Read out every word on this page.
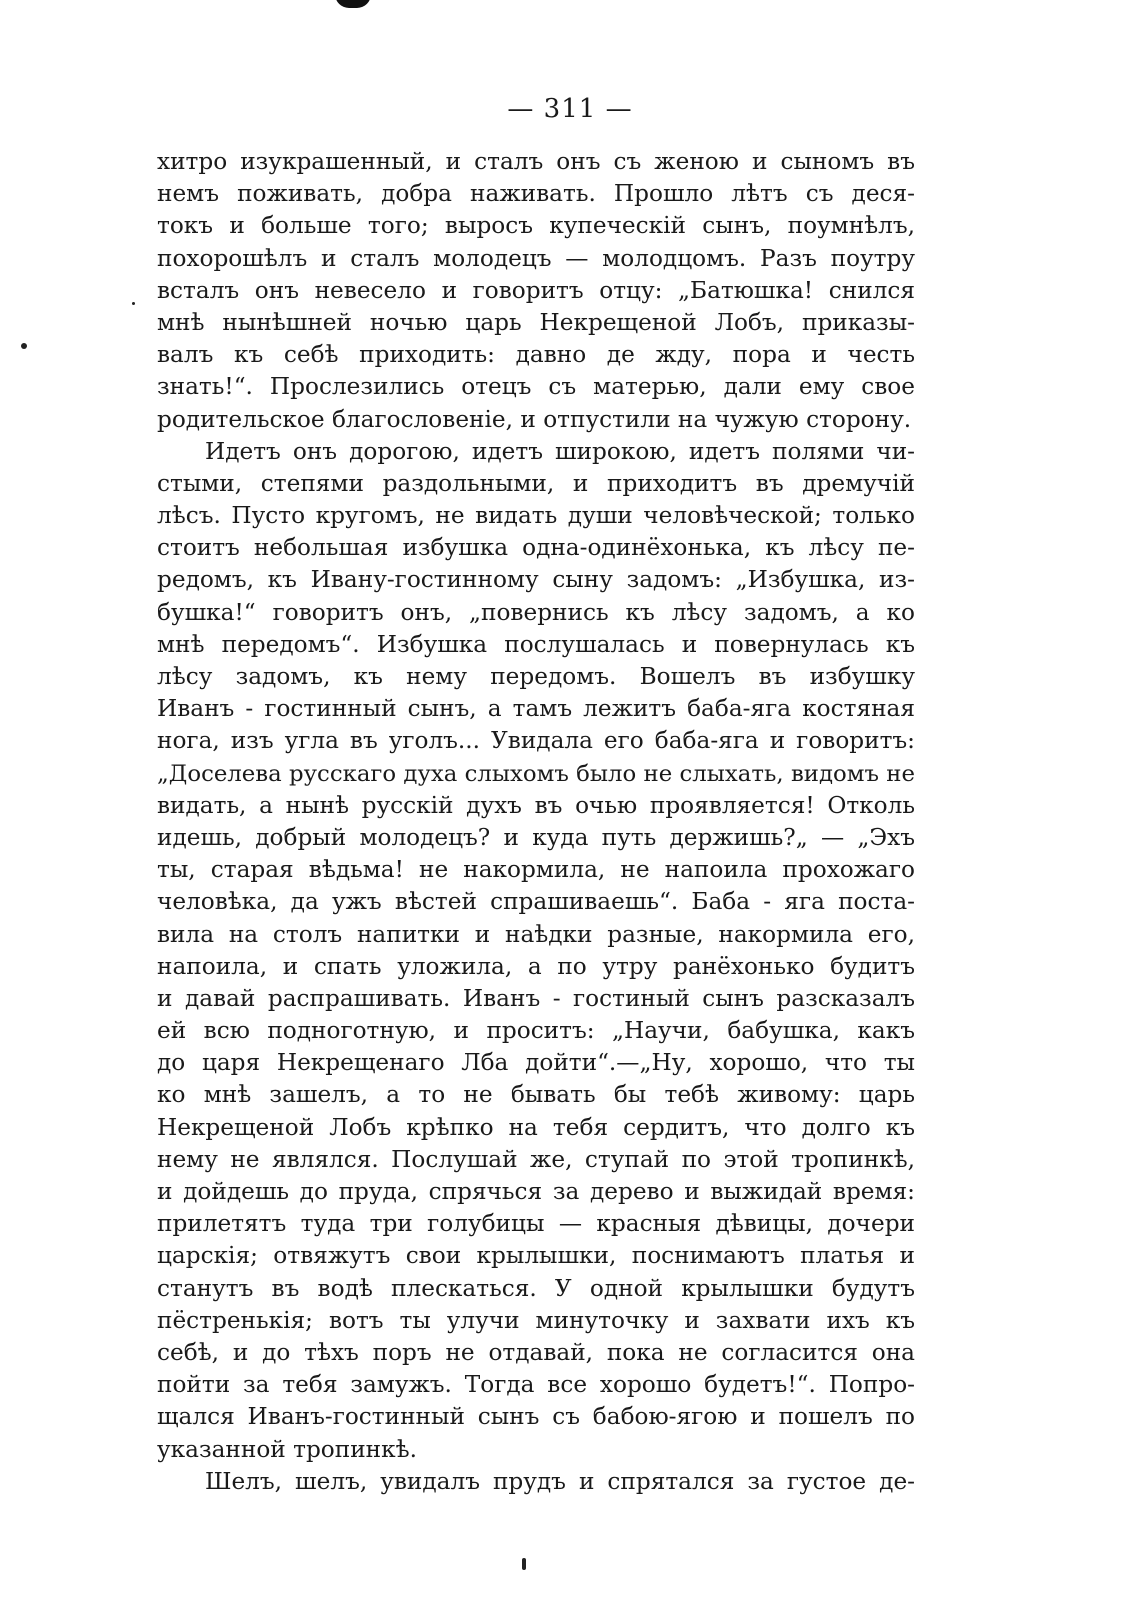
— 311 —
хитро изукрашенный, и сталъ онъ съ женою и сыномъ въ
немъ поживать, добра наживать. Прошло лѣтъ съ деся-
токъ и больше того; выросъ купеческій сынъ, поумнѣлъ,
похорошѣлъ и сталъ молодецъ — молодцомъ. Разъ поутру
всталъ онъ невесело и говоритъ отцу: „Батюшка! снился
мнѣ нынѣшней ночью царь Некрещеной Лобъ, приказы-
валъ къ себѣ приходить: давно де жду, пора и честь
знать!“. Прослезились отецъ съ матерью, дали ему свое
родительское благословеніе, и отпустили на чужую сторону.
Идетъ онъ дорогою, идетъ широкою, идетъ полями чи-
стыми, степями раздольными, и приходитъ въ дремучій
лѣсъ. Пусто кругомъ, не видать души человѣческой; только
стоитъ небольшая избушка одна-одинёхонька, къ лѣсу пе-
редомъ, къ Ивану-гостинному сыну задомъ: „Избушка, из-
бушка!“ говоритъ онъ, „повернись къ лѣсу задомъ, а ко
мнѣ передомъ“. Избушка послушалась и повернулась къ
лѣсу задомъ, къ нему передомъ. Вошелъ въ избушку
Иванъ - гостинный сынъ, а тамъ лежитъ баба-яга костяная
нога, изъ угла въ уголъ... Увидала его баба-яга и говоритъ:
„Доселева русскаго духа слыхомъ было не слыхать, видомъ не
видать, а нынѣ русскій духъ въ очью проявляется! Отколь
идешь, добрый молодецъ? и куда путь держишь?„ — „Эхъ
ты, старая вѣдьма! не накормила, не напоила прохожаго
человѣка, да ужъ вѣстей спрашиваешь“. Баба - яга поста-
вила на столъ напитки и наѣдки разные, накормила его,
напоила, и спать уложила, а по утру ранёхонько будитъ
и давай распрашивать. Иванъ - гостиный сынъ разсказалъ
ей всю подноготную, и проситъ: „Научи, бабушка, какъ
до царя Некрещенаго Лба дойти“.—„Ну, хорошо, что ты
ко мнѣ зашелъ, а то не бывать бы тебѣ живому: царь
Некрещеной Лобъ крѣпко на тебя сердитъ, что долго къ
нему не являлся. Послушай же, ступай по этой тропинкѣ,
и дойдешь до пруда, спрячься за дерево и выжидай время:
прилетятъ туда три голубицы — красныя дѣвицы, дочери
царскія; отвяжутъ свои крылышки, поснимаютъ платья и
станутъ въ водѣ плескаться. У одной крылышки будутъ
пёстренькія; вотъ ты улучи минуточку и захвати ихъ къ
себѣ, и до тѣхъ поръ не отдавай, пока не согласится она
пойти за тебя замужъ. Тогда все хорошо будетъ!“. Попро-
щался Иванъ-гостинный сынъ съ бабою-ягою и пошелъ по
указанной тропинкѣ.
Шелъ, шелъ, увидалъ прудъ и спрятался за густое де-
